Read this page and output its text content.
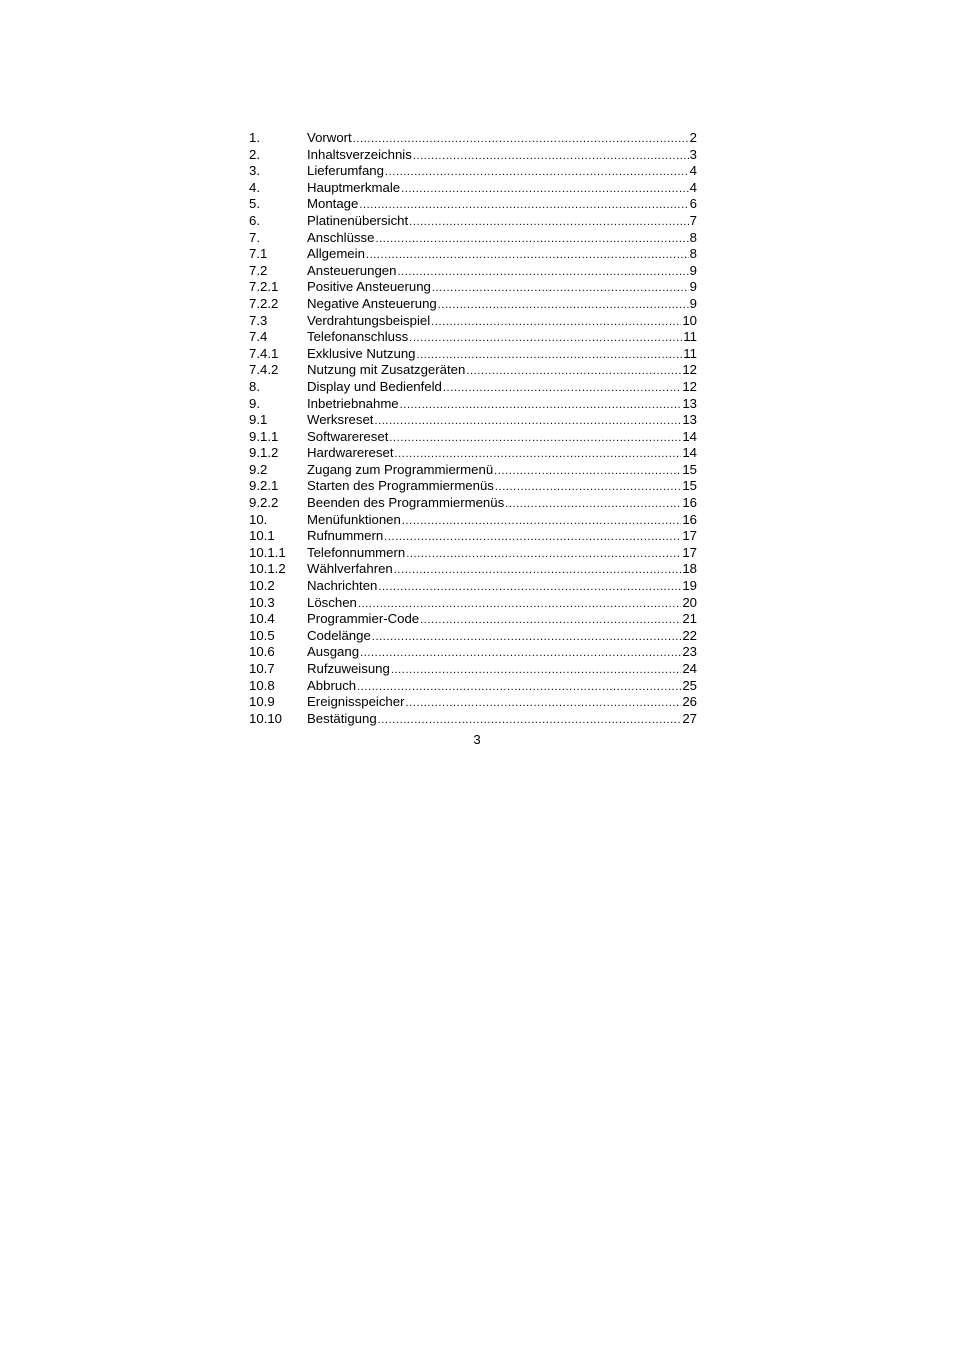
1.	Vorwort .....	2
2.	Inhaltsverzeichnis .....	3
3.	Lieferumfang .....	4
4.	Hauptmerkmale .....	4
5.	Montage .....	6
6.	Platinenübersicht .....	7
7.	Anschlüsse .....	8
7.1	Allgemein .....	8
7.2	Ansteuerungen .....	9
7.2.1	Positive Ansteuerung .....	9
7.2.2	Negative Ansteuerung .....	9
7.3	Verdrahtungsbeispiel .....	10
7.4	Telefonanschluss .....	11
7.4.1	Exklusive Nutzung .....	11
7.4.2	Nutzung mit Zusatzgeräten .....	12
8.	Display und Bedienfeld .....	12
9.	Inbetriebnahme .....	13
9.1	Werksreset .....	13
9.1.1	Softwarereset .....	14
9.1.2	Hardwarereset .....	14
9.2	Zugang zum Programmiermenü .....	15
9.2.1	Starten des Programmiermenüs .....	15
9.2.2	Beenden des Programmiermenüs .....	16
10.	Menüfunktionen .....	16
10.1	Rufnummern .....	17
10.1.1	Telefonnummern .....	17
10.1.2	Wählverfahren .....	18
10.2	Nachrichten .....	19
10.3	Löschen .....	20
10.4	Programmier-Code .....	21
10.5	Codelänge .....	22
10.6	Ausgang .....	23
10.7	Rufzuweisung .....	24
10.8	Abbruch .....	25
10.9	Ereignisspeicher .....	26
10.10	Bestätigung .....	27
3
